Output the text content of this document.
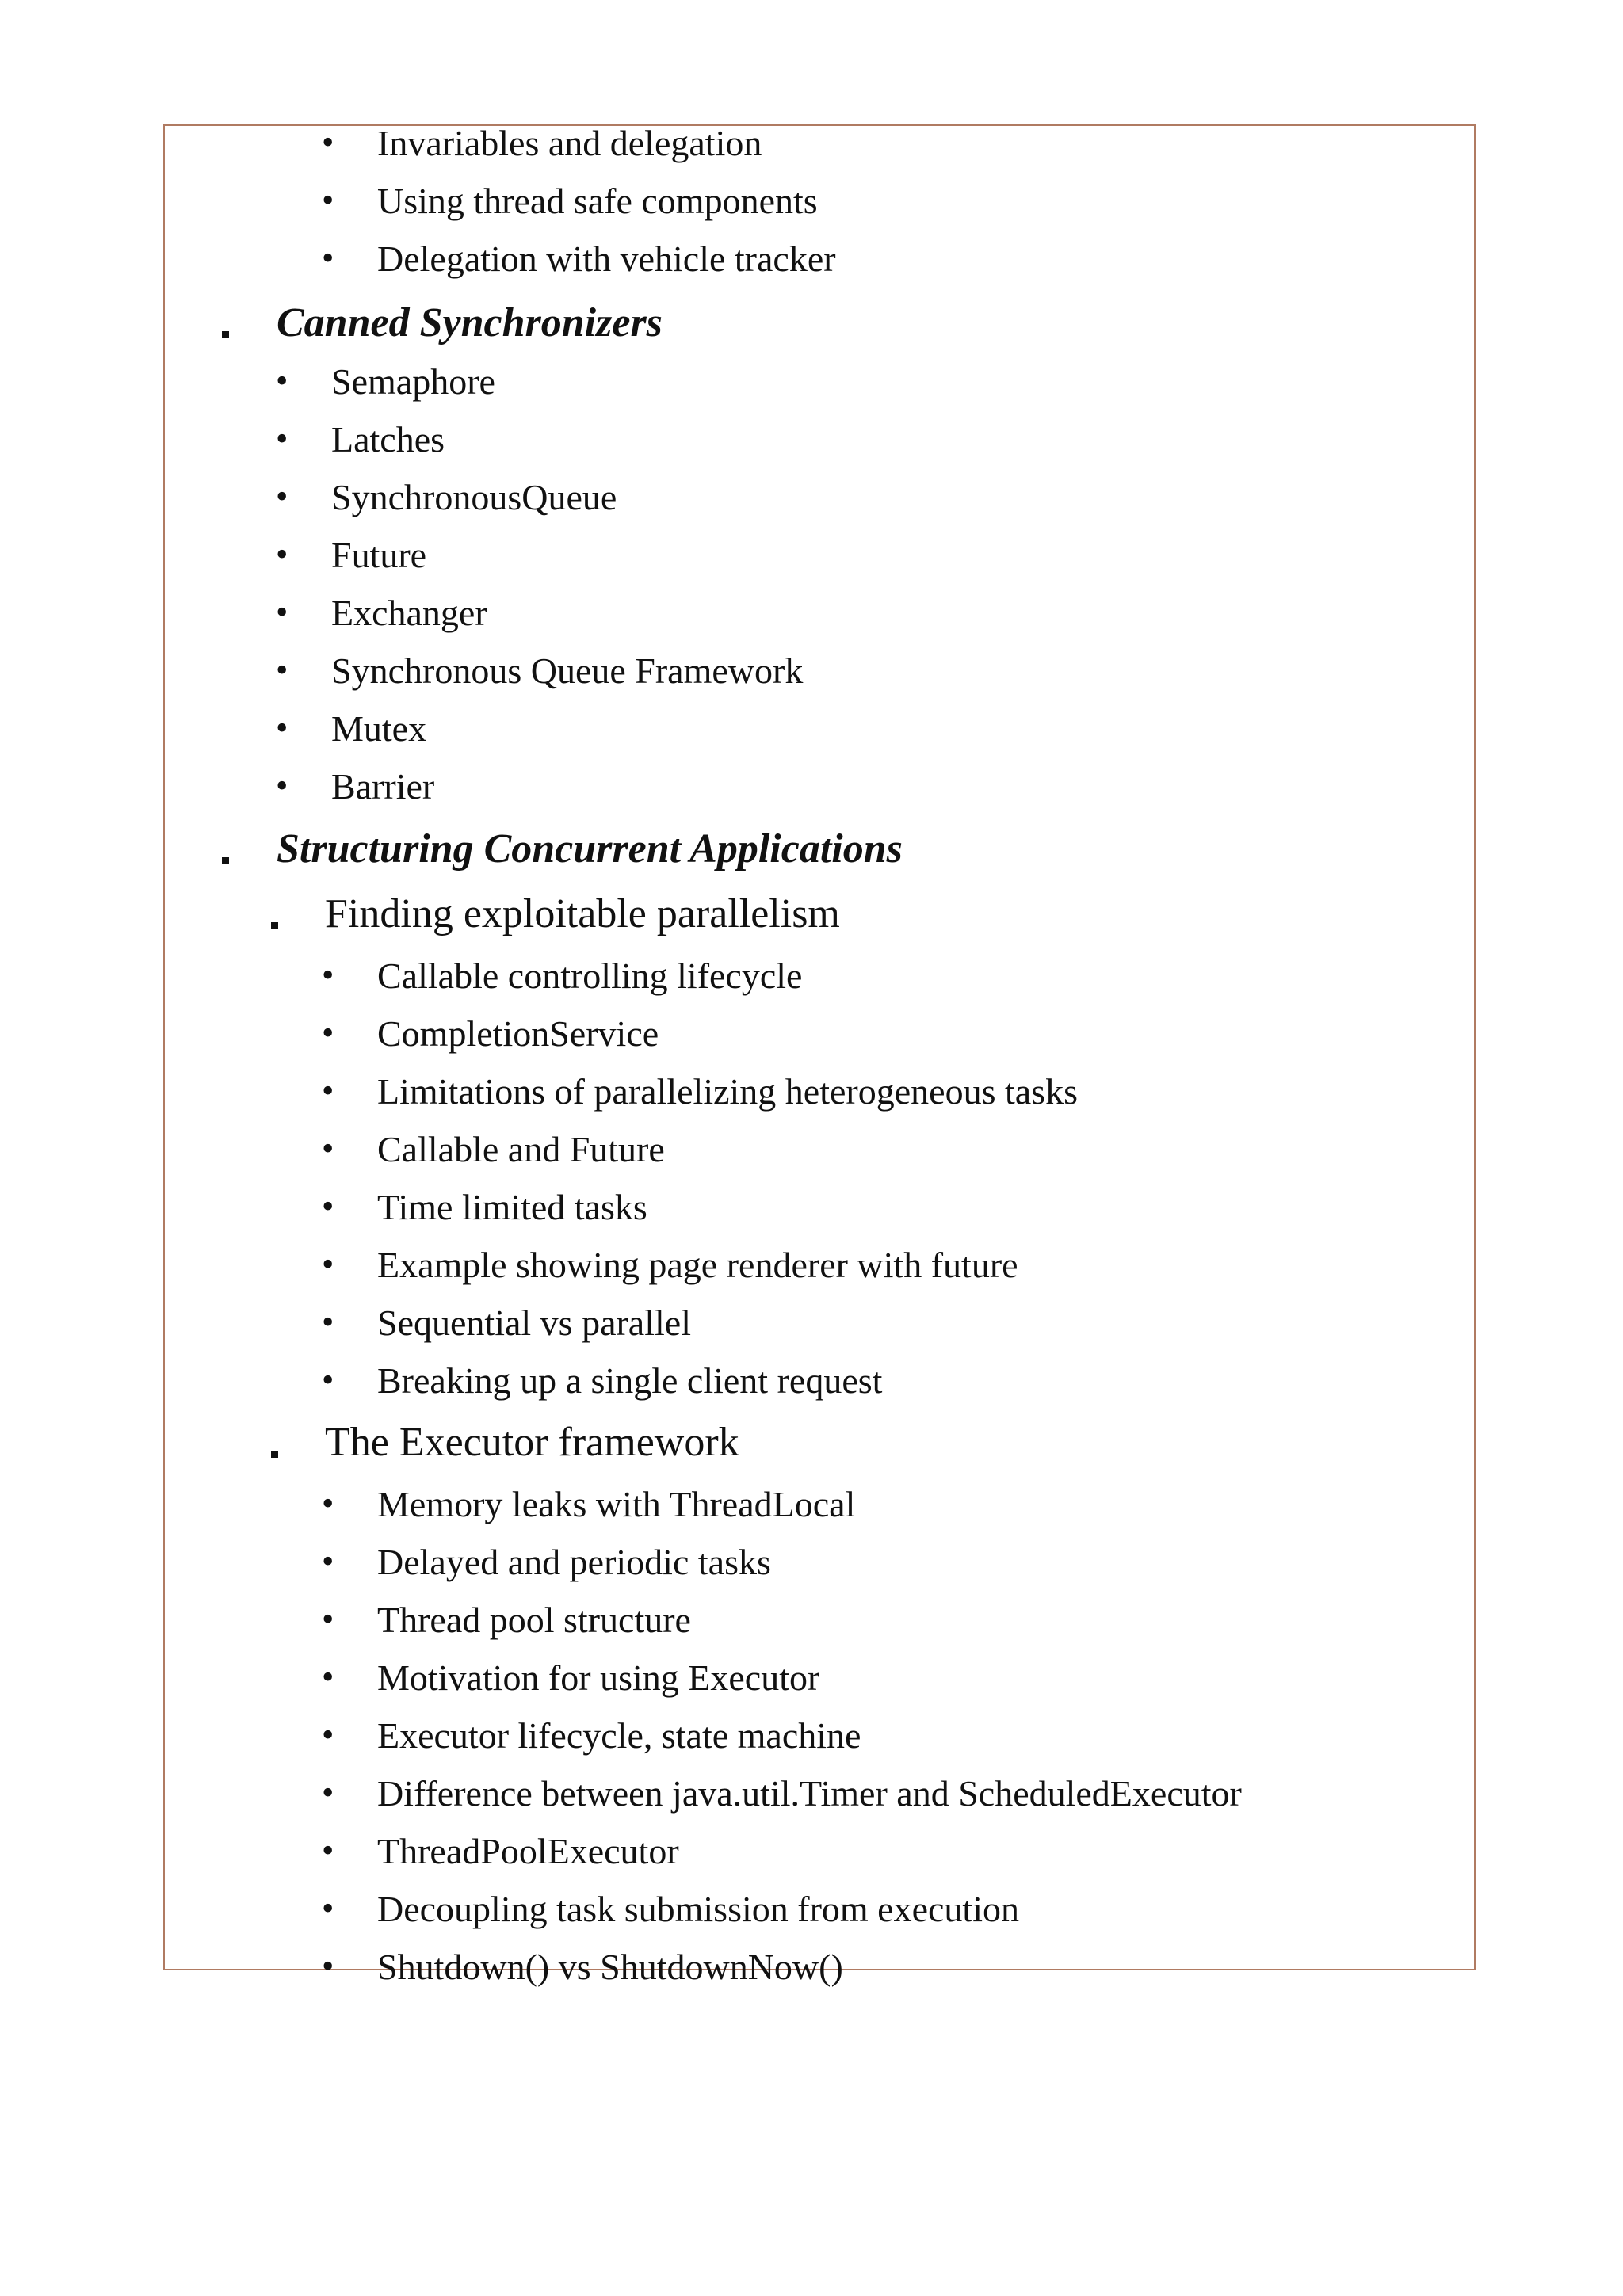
• Invariables and delegation
• Using thread safe components
• Delegation with vehicle tracker
Canned Synchronizers
• Semaphore
• Latches
• SynchronousQueue
• Future
• Exchanger
• Synchronous Queue Framework
• Mutex
• Barrier
Structuring Concurrent Applications
Finding exploitable parallelism
• Callable controlling lifecycle
• CompletionService
• Limitations of parallelizing heterogeneous tasks
• Callable and Future
• Time limited tasks
• Example showing page renderer with future
• Sequential vs parallel
• Breaking up a single client request
The Executor framework
• Memory leaks with ThreadLocal
• Delayed and periodic tasks
• Thread pool structure
• Motivation for using Executor
• Executor lifecycle, state machine
• Difference between java.util.Timer and ScheduledExecutor
• ThreadPoolExecutor
• Decoupling task submission from execution
• Shutdown() vs ShutdownNow()
